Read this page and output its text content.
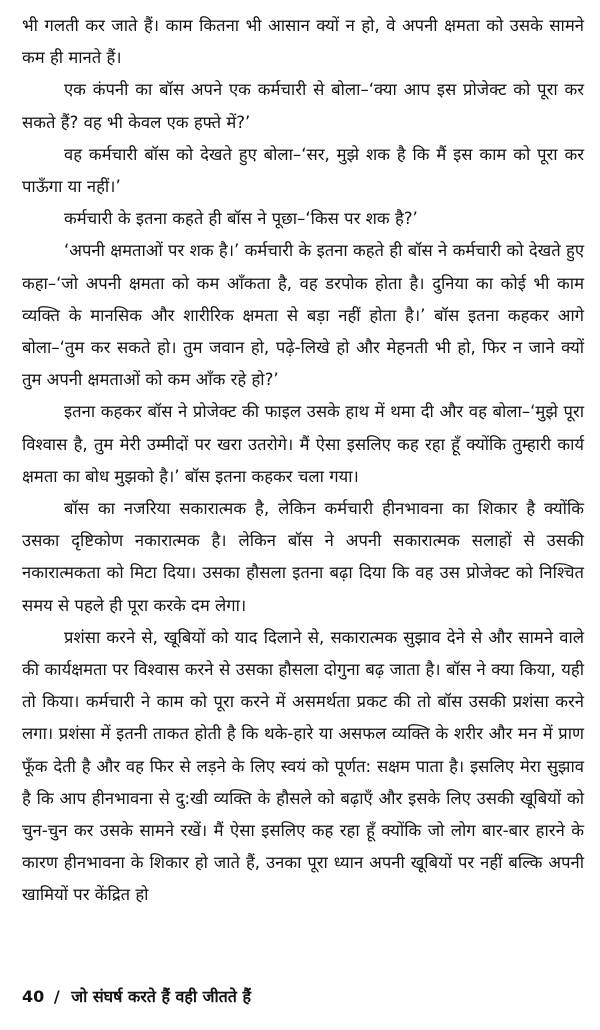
भी गलती कर जाते हैं। काम कितना भी आसान क्यों न हो, वे अपनी क्षमता को उसके सामने कम ही मानते हैं।

एक कंपनी का बॉस अपने एक कर्मचारी से बोला–‘क्या आप इस प्रोजेक्ट को पूरा कर सकते हैं? वह भी केवल एक हफ्ते में?’

वह कर्मचारी बॉस को देखते हुए बोला–‘सर, मुझे शक है कि मैं इस काम को पूरा कर पाऊँगा या नहीं।’

कर्मचारी के इतना कहते ही बॉस ने पूछा–‘किस पर शक है?’

‘अपनी क्षमताओं पर शक है।’ कर्मचारी के इतना कहते ही बॉस ने कर्मचारी को देखते हुए कहा–‘जो अपनी क्षमता को कम आँकता है, वह डरपोक होता है। दुनिया का कोई भी काम व्यक्ति के मानसिक और शारीरिक क्षमता से बड़ा नहीं होता है।’ बॉस इतना कहकर आगे बोला–‘तुम कर सकते हो। तुम जवान हो, पढ़े-लिखे हो और मेहनती भी हो, फिर न जाने क्यों तुम अपनी क्षमताओं को कम आँक रहे हो?’

इतना कहकर बॉस ने प्रोजेक्ट की फाइल उसके हाथ में थमा दी और वह बोला–‘मुझे पूरा विश्वास है, तुम मेरी उम्मीदों पर खरा उतरोगे। मैं ऐसा इसलिए कह रहा हूँ क्योंकि तुम्हारी कार्य क्षमता का बोध मुझको है।’ बॉस इतना कहकर चला गया।

बॉस का नजरिया सकारात्मक है, लेकिन कर्मचारी हीनभावना का शिकार है क्योंकि उसका दृष्टिकोण नकारात्मक है। लेकिन बॉस ने अपनी सकारात्मक सलाहों से उसकी नकारात्मकता को मिटा दिया। उसका हौसला इतना बढ़ा दिया कि वह उस प्रोजेक्ट को निश्चित समय से पहले ही पूरा करके दम लेगा।

प्रशंसा करने से, खूबियों को याद दिलाने से, सकारात्मक सुझाव देने से और सामने वाले की कार्यक्षमता पर विश्वास करने से उसका हौसला दोगुना बढ़ जाता है। बॉस ने क्या किया, यही तो किया। कर्मचारी ने काम को पूरा करने में असमर्थता प्रकट की तो बॉस उसकी प्रशंसा करने लगा। प्रशंसा में इतनी ताकत होती है कि थके-हारे या असफल व्यक्ति के शरीर और मन में प्राण फूँक देती है और वह फिर से लड़ने के लिए स्वयं को पूर्णत: सक्षम पाता है। इसलिए मेरा सुझाव है कि आप हीनभावना से दु:खी व्यक्ति के हौसले को बढ़ाएँ और इसके लिए उसकी खूबियों को चुन-चुन कर उसके सामने रखें। मैं ऐसा इसलिए कह रहा हूँ क्योंकि जो लोग बार-बार हारने के कारण हीनभावना के शिकार हो जाते हैं, उनका पूरा ध्यान अपनी खूबियों पर नहीं बल्कि अपनी खामियों पर केंद्रित हो

40 / जो संघर्ष करते हैं वही जीतते हैं
